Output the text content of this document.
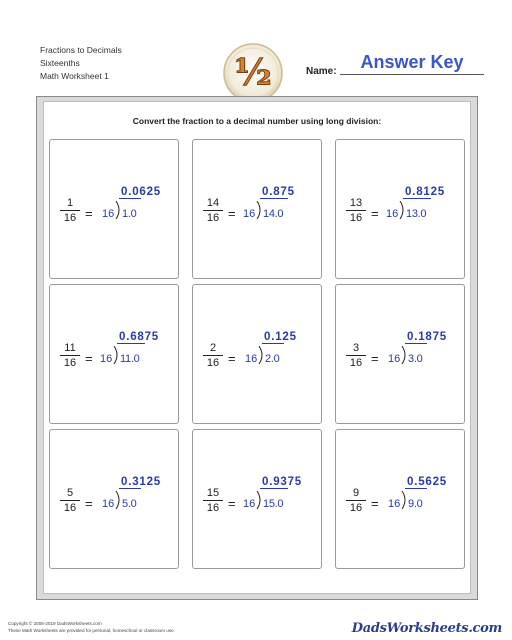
Fractions to Decimals
Sixteenths
Math Worksheet 1	½	Name:	Answer Key
Convert the fraction to a decimal number using long division:
1
16 = 16 1.0
0.0625
14
16 = 16 14.0
0.875
13
16 = 16 13.0
0.8125
11
16 = 16 11.0
0.6875
2
16 = 16 2.0
0.125
3
16 = 16 3.0
0.1875
5
16 = 16 5.0
0.3125
15
16 = 16 15.0
0.9375
9
16 = 16 9.0
0.5625
Copyright © 2008-2019 DadsWorksheets.com
These Math Worksheets are provided for personal, homeschool or classroom use.	DadsWorksheets.com
